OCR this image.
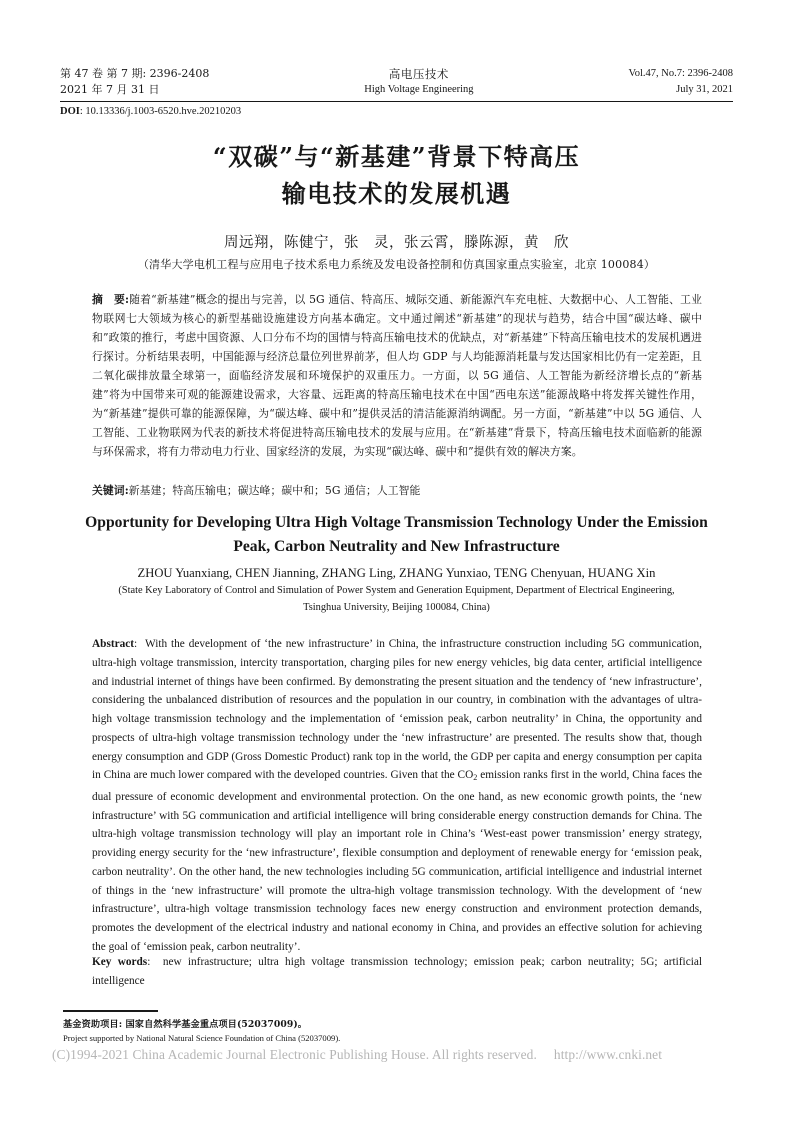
第 47 卷 第 7 期: 2396-2408
2021 年 7 月 31 日
高电压技术
High Voltage Engineering
Vol.47, No.7: 2396-2408
July 31, 2021
DOI: 10.13336/j.1003-6520.hve.20210203
“双碳”与“新基建”背景下特高压
输电技术的发展机遇
周远翔，陈健宁，张　灵，张云霄，滕陈源，黄　欣
（清华大学电机工程与应用电子技术系电力系统及发电设备控制和仿真国家重点实验室，北京 100084）

摘　要:随着“新基建”概念的提出与完善，以 5G 通信、特高压、城际交通、新能源汽车充电桩、大数据中心、人工智能、工业物联网七大领域为核心的新型基础设施建设方向基本确定。文中通过阐述“新基建”的现状与趋势，结合中国“碳达峰、碳中和”政策的推行，考虑中国资源、人口分布不均的国情与特高压输电技术的优缺点，对“新基建”下特高压输电技术的发展机遇进行探讨。分析结果表明，中国能源与经济总量位列世界前茅，但人均 GDP 与人均能源消耗量与发达国家相比仍有一定差距，且二氧化碳排放量全球第一，面临经济发展和环境保护的双重压力。一方面，以 5G 通信、人工智能为新经济增长点的“新基建”将为中国带来可观的能源建设需求，大容量、远距离的特高压输电技术在中国“西电东送”能源战略中将发挥关键性作用，为“新基建”提供可靠的能源保障，为“碳达峰、碳中和”提供灵活的清洁能源消纳调配。另一方面，“新基建”中以 5G 通信、人工智能、工业物联网为代表的新技术将促进特高压输电技术的发展与应用。在“新基建”背景下，特高压输电技术面临新的能源与环保需求，将有力带动电力行业、国家经济的发展，为实现“碳达峰、碳中和”提供有效的解决方案。

关键词:新基建；特高压输电；碳达峰；碳中和；5G 通信；人工智能
Opportunity for Developing Ultra High Voltage Transmission Technology Under the Emission
Peak, Carbon Neutrality and New Infrastructure
ZHOU Yuanxiang, CHEN Jianning, ZHANG Ling, ZHANG Yunxiao, TENG Chenyuan, HUANG Xin
(State Key Laboratory of Control and Simulation of Power System and Generation Equipment, Department of Electrical Engineering,
Tsinghua University, Beijing 100084, China)

Abstract: With the development of ‘the new infrastructure’ in China, the infrastructure construction including 5G communication, ultra-high voltage transmission, intercity transportation, charging piles for new energy vehicles, big data center, artificial intelligence and industrial internet of things have been confirmed. By demonstrating the present situation and the tendency of ‘new infrastructure’, considering the unbalanced distribution of resources and the population in our country, in combination with the advantages of ultra-high voltage transmission technology and the implementation of ‘emission peak, carbon neutrality’ in China, the opportunity and prospects of ultra-high voltage transmission technology under the ‘new infrastructure’ are presented. The results show that, though energy consumption and GDP (Gross Domestic Product) rank top in the world, the GDP per capita and energy consumption per capita in China are much lower compared with the developed countries. Given that the $CO_2$ emission ranks first in the world, China faces the dual pressure of economic development and environmental protection. On the one hand, as new economic growth points, the ‘new infrastructure’ with 5G communication and artificial intelligence will bring considerable energy construction demands for China. The ultra-high voltage transmission technology will play an important role in China’s ‘West-east power transmission’ energy strategy, providing energy security for the ‘new infrastructure’, flexible consumption and deployment of renewable energy for ‘emission peak, carbon neutrality’. On the other hand, the new technologies including 5G communication, artificial intelligence and industrial internet of things in the ‘new infrastructure’ will promote the ultra-high voltage transmission technology. With the development of ‘new infrastructure’, ultra-high voltage transmission technology faces new energy construction and environment protection demands, promotes the development of the electrical industry and national economy in China, and provides an effective solution for achieving the goal of ‘emission peak, carbon neutrality’.

Key words: new infrastructure; ultra high voltage transmission technology; emission peak; carbon neutrality; 5G; artificial intelligence
基金资助项目: 国家自然科学基金重点项目(52037009)。
Project supported by National Natural Science Foundation of China (52037009).
(C)1994-2021 China Academic Journal Electronic Publishing House. All rights reserved. http://www.cnki.net
